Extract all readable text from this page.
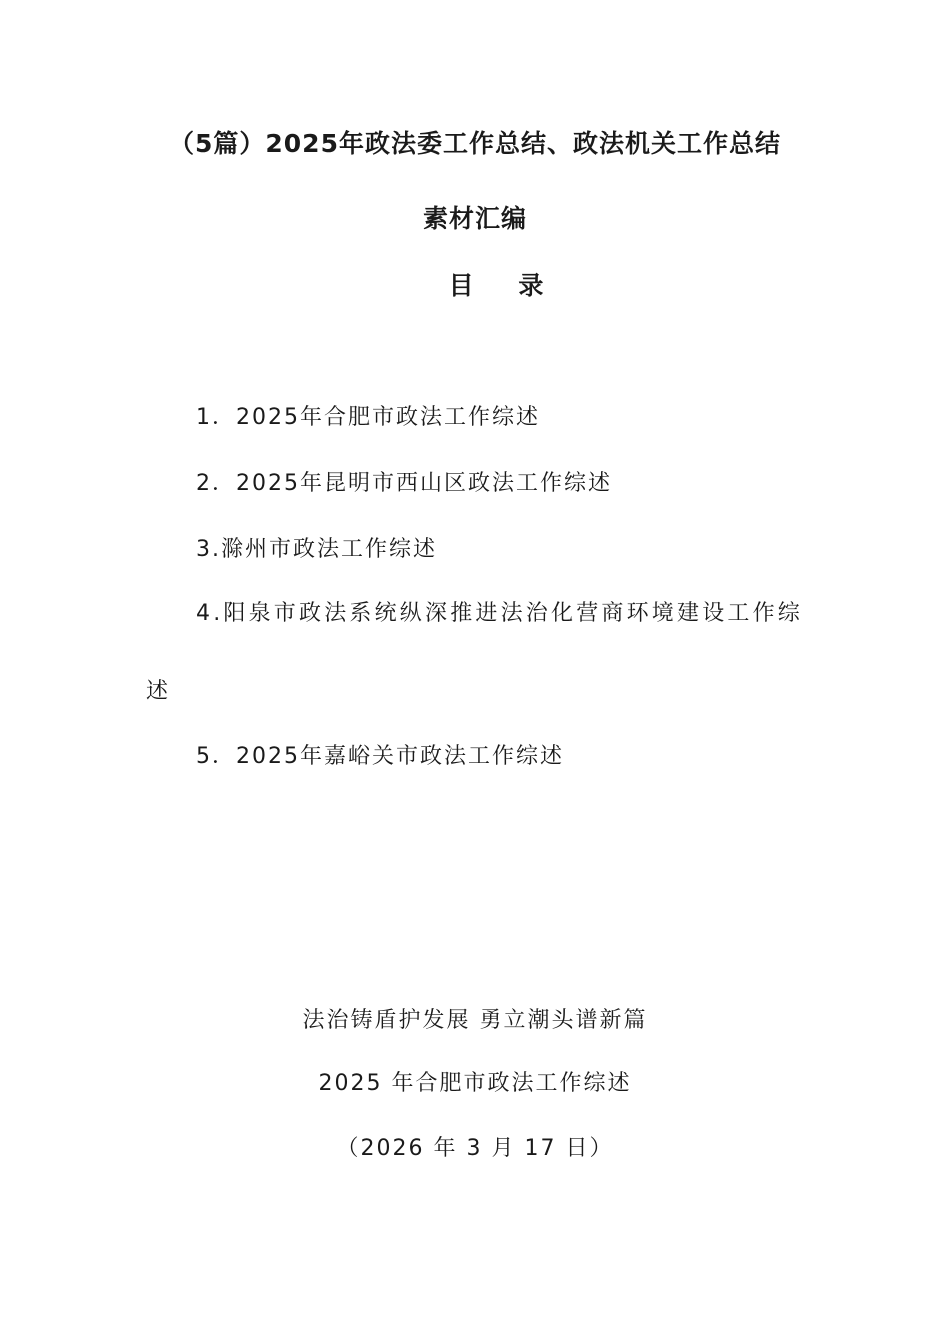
（5篇）2025年政法委工作总结、政法机关工作总结
素材汇编
目 录
1．2025年合肥市政法工作综述
2．2025年昆明市西山区政法工作综述
3.滁州市政法工作综述
4.阳泉市政法系统纵深推进法治化营商环境建设工作综
述
5．2025年嘉峪关市政法工作综述
法治铸盾护发展 勇立潮头谱新篇
2025 年合肥市政法工作综述
（2026 年 3 月 17 日）
